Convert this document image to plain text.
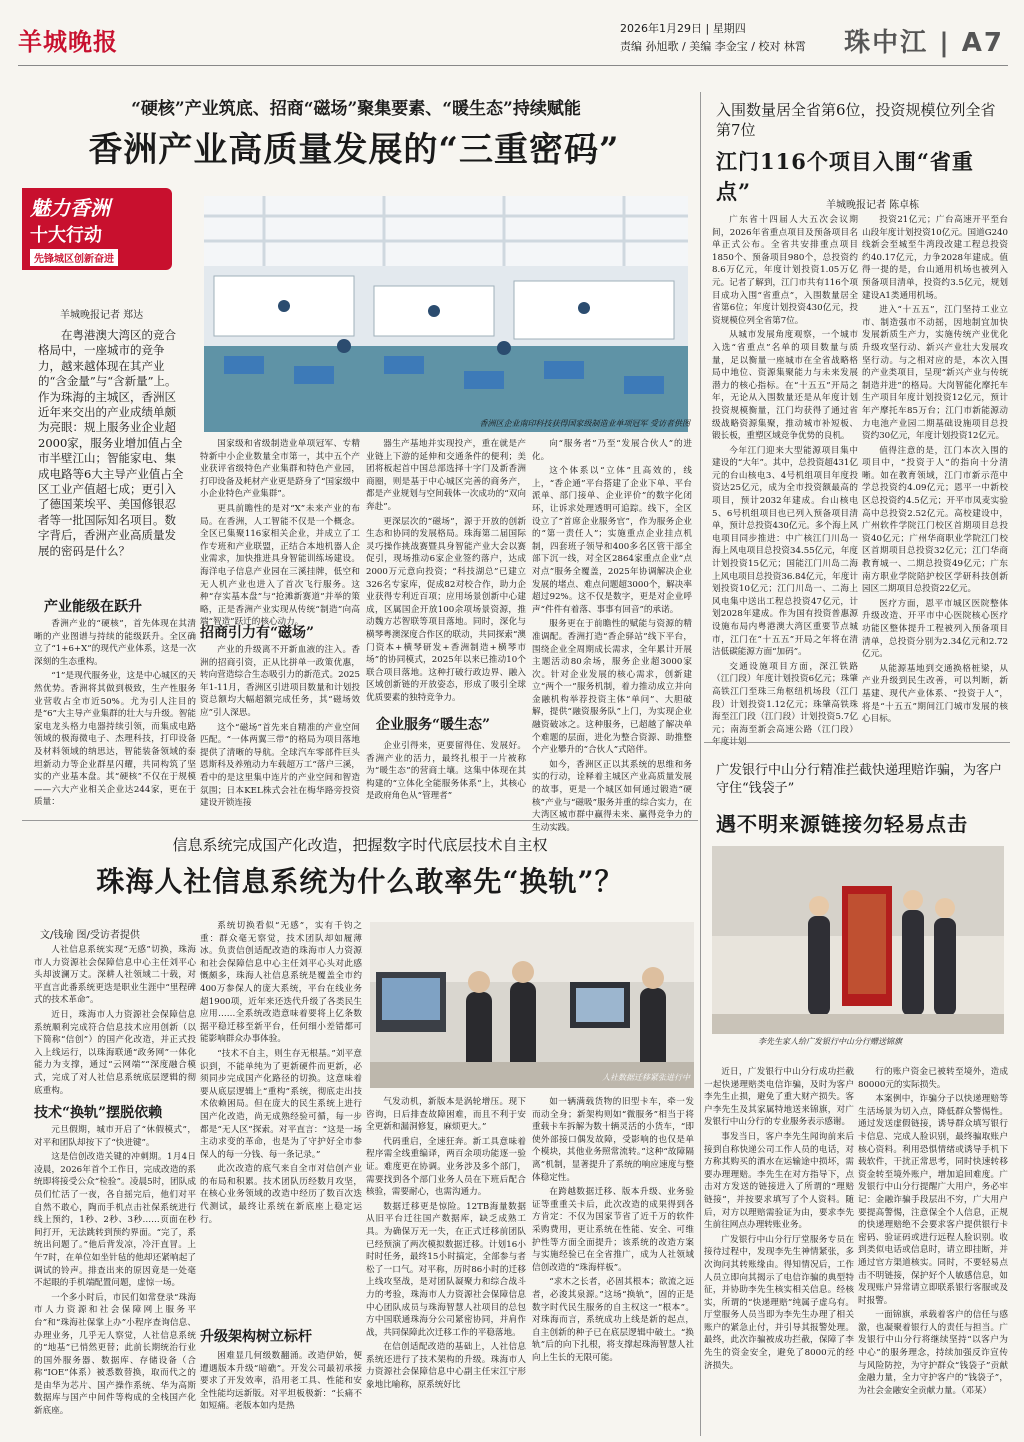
羊城晚报	2026年1月29日 | 星期四
责编 孙旭歌 / 美编 李金宝 / 校对 林霄 珠中江 | A7
“硬核”产业筑底、招商“磁场”聚集要素、“暖生态”持续赋能
香洲产业高质量发展的“三重密码”
魅力香洲
十大行动
先锋城区创新奋进
香洲区企业南印科技获得国家级制造业单项冠军 受访者供图
羊城晚报记者 郑达

在粤港澳大湾区的竞合格局中，一座城市的竞争力，越来越体现在其产业的“含金量”与“含新量”上。作为珠海的主城区，香洲区近年来交出的产业成绩单颇为亮眼：规上服务业企业超2000家，服务业增加值占全市半壁江山；智能家电、集成电路等6大主导产业值占全区工业产值超七成；更引入了德国莱埃平、美国修银忍者等一批国际知名项目。数字背后，香洲产业高质量发展的密码是什么？

产业能级在跃升

香洲产业的“硬核”，首先体现在其清晰的产业图谱与持续的能级跃升。全区确立了“1+6+X”的现代产业体系，这是一次深刻的生态重构。

“1”是现代服务业，这是中心城区的天然优势。香洲将其做到极致，生产性服务业营收占全市近50%。尤为引人注目的是“6”大主导产业集群的壮大与升级。智能家电龙头格力电器持续引领，而集成电路领域的极海微电子、杰理科技，打印设备及材料领域的纳思达，智能装备领域的泰坦新动力等企业群星闪耀，共同构筑了坚实的产业基本盘。其“硬核”不仅在于规模——六大产业相关企业达244家，更在于质量：

国家级和省级制造业单项冠军、专精特新中小企业数量全市第一，其中五个产业获评省级特色产业集群和特色产业园，打印设备及耗材产业更是跻身了“国家级中小企业特色产业集群”。

更具前瞻性的是对“X”未来产业的布局。在香洲，人工智能不仅是一个概念。全区已集聚116家相关企业，并成立了工作专班和产业联盟，正结合本地机器人企业需求，加快推进具身智能训练场建设。海洋电子信息产业园在三溪挂牌，低空和无人机产业也进入了首次飞行服务。这种“存实基本盘”与“抢滩新赛道”并举的策略，正是香洲产业实现从传统“制造”向高端“智造”跃迁的核心动力。

招商引力有“磁场”

产业的升级离不开新血液的注入。香洲的招商引资，正从比拼单一政策优惠，转向营造综合生态吸引力的新范式。2025年1-11月，香洲区引进项目数量和计划投资总额均大幅超额完成任务，其“磁场效应”引人深思。

这个“磁场”首先来自精准的产业空间匹配。“一体两翼三带”的格局为项目落地提供了清晰的导航。全球汽车零部件巨头恩斯科及养殖动力车载超万工“落户三溪，看中的是这里集中连片的产业空间和智造氛围；日本KEL株式会社在梅华路旁投资建设开锁连接

器生产基地并实现投产，重在就是产业链上下游的延伸和交通条件的便利；美团将板起首中国总部选择十字门及新香洲商圈，则是基于中心城区完善的商务产，都是产业规划与空间载体一次成功的“双向奔赴”。

更深层次的“磁场”，源于开放的创新生态和协同的发展格局。珠海第二届国际灵巧操作挑战赛暨具身智能产业大会以赛促引，现场推动6家企业签约落户，达成2000万元意向投资；“科技湖总”已建立326名专家库，促成82对校合作，助力企业获得专利近百项；应用场景创新中心建成，区属国企开放100余项场景资源，推动魏方芯智联等项目落地。同时，深化与横琴粤澳深度合作区的联动，共同探索“澳门资本+横琴研发+香洲制造+横琴市场”的协同模式，2025年以来已推动10个联合项目落地。这种打破行政边界、融入区域创新链的开放姿态，形成了吸引全球优质要素的独特竞争力。

企业服务“暖生态”

企业引得来，更要留得住、发展好。香洲产业的活力，最终扎根于一片被称为“暖生态”的营商土壤。这集中体现在其构建的“立体化全能服务体系”上，其核心是政府角色从“管理者”

向“服务者”乃至“发展合伙人”的进化。

这个体系以“立体”且高效的，线上，“香企通”平台搭建了企业下单、平台派单、部门接单、企业评价”的数字化闭环，让诉求处理透明可追踪。线下，全区设立了“首席企业服务官”，作为服务企业的“第一责任人”；实施重点企业挂点机制，四套班子领导和400多名区管干部全部下沉一线，对全区2864家重点企业“点对点”服务全覆盖，2025年协调解决企业发展的堵点、难点问题超3000个，解决率超过92%。这不仅是数字，更是对企业呼声“件件有着落、事事有回音”的承诺。

服务更在于前瞻性的赋能与资源的精准调配。香洲打造“香企驿站”线下平台，围绕企业全周期成长需求，全年累计开展主题活动80余场，服务企业超3000家次。针对企业发展的核心需求，创新建立“两个一”服务机制，着力推动成立并向金融机构举荐投资主体“单问”、大胆破解，提供“融资服务队”上门，为实现企业融资破冰之。这种服务，已超越了解决单个难题的层面，进化为整合资源、助推整个产业攀升的“合伙人”式陪伴。

如今，香洲区正以其系统的思维和务实的行动，诠释着主城区产业高质量发展的故事，更是一个城区如何通过锻造“硬核”产业与“磁吸”服务并重的综合实力，在大湾区城市群中赢得未来、赢得竞争力的生动实践。

入围数量居全省第6位，投资规模位列全省第7位
江门116个项目入围“省重点”
羊城晚报记者 陈卓栋

广东省十四届人大五次会议期间，2026年省重点项目及预备项目名单正式公布。全省共安排重点项目1850个、预备项目980个，总投资约8.6万亿元，年度计划投资1.05万亿元。记者了解到，江门市共有116个项目成功入围“省重点”，入围数量居全省第6位；年度计划投资430亿元，投资规模位列全省第7位。

从城市发展角度观察，一个城市入选“省重点”名单的项目数量与质量，足以衡量一座城市在全省战略格局中地位、资源集聚能力与未来发展潜力的核心指标。在“十五五”开局之年，无论从入围数量还是从年度计划投资规模衡量，江门均获得了通过省级战略资源集聚，推动城市补短板、锻长板，重塑区域竞争优势的良机。

今年江门迎来大型能源项目集中建设的“大年”。其中，总投资超431亿元的台山核电3、4号机组项目年度投资达25亿元，成为全市投资额最高的项目，预计2032年建成。台山核电5、6号机组项目也已列入预备项目清单，预计总投资430亿元。多个海上风电项目同步推进：中广核江门川岛一海上风电项目总投资34.55亿元，年度计划投资15亿元；国能江门川岛二海上风电项目总投资36.84亿元，年度计划投资10亿元；江门川岛一、二海上风电集中送出工程总投资47亿元，计划2028年建成。作为国有投资普惠源设施布局内粤港澳大湾区重要节点城市，江门在“十五五”开局之年将在清洁低碳能源方面“加码”。

交通设施项目方面，深江铁路（江门段）年度计划投资6亿元；珠肇高铁江门至珠三角枢纽机场段（江门段）计划投资1.12亿元；珠肇高铁珠海至江门段（江门段）计划投资5.7亿元；南海至新会高速公路（江门段）

投资21亿元；广台高速开平至台山段年度计划投资10亿元。国道G240线新会至城至牛湾段改建工程总投资约40.17亿元，力争2028年建成。值得一提的是，台山通用机场也被列入预备项目清单，投资约3.5亿元，规划建设A1类通用机场。

进入“十五五”，江门坚持工业立市、制造强市不动摇，因地制宜加快发展新质生产力，实施传统产业优化升级攻坚行动、新兴产业壮大发展攻坚行动。与之相对应的是，本次入围的产业类项目，呈现“新兴产业与传统制造并进”的格局。大岗智能化摩托车生产项目年度计划投资12亿元，预计年产摩托车85万台；江门市新能源动力电池产业园二期基础设施项目总投资约30亿元，年度计划投资12亿元。

值得注意的是，江门本次入围的项目中，“投资于人”的指向十分清晰。如在教育领域，江门市新示范中学总投资约4.09亿元；恩平一中新校区总投资约4.5亿元；开平市凤麦实验高中总投资2.52亿元。高校建设中，广州软件学院江门校区首期项目总投资40亿元；广州华商职业学院江门校区首期项目总投资32亿元；江门华商教育城一、二期总投资49亿元；广东南方职业学院陪护校区学研科技创新园区二期项目总投资22亿元。

医疗方面，恩平市城区医院整体升级改造、开平市中心医院核心医疗功能区整体提升工程被列入预备项目清单，总投资分别为2.34亿元和2.72亿元。

从能源基地到交通换格桩梁，从产业升级到民生改善，可以判断，新基建、现代产业体系、“投资于人”，将是“十五五”期间江门城市发展的核心目标。

广发银行中山分行精准拦截快递理赔诈骗，为客户守住“钱袋子”
遇不明来源链接勿轻易点击
李先生家人给广发银行中山分行赠送锦旗

近日，广发银行中山分行成功拦截一起快递理赔类电信诈骗，及时为客户李先生止损，避免了重大财产损失。客户李先生及其家属特地送来锦旗，对广发银行中山分行的专业服务表示感谢。

事发当日，客户李先生闻询前来后接到自称快递公司工作人员的电话，对方称其购买的酒水在运输途中损坏，需要办理理赔。李先生在对方指导下，点击对方发送的链接进入了所谓的“理赔链接”，并按要求填写了个人资料。随后，对方以理赔需验证为由，要求李先生前往网点办理转账业务。

广发银行中山分行厅堂服务专员在接待过程中，发现李先生神情紧张，多次询问其转账缘由。得知情况后，工作人员立即向其揭示了电信诈骗的典型特征，并协助李先生核实相关信息。经核实，所谓的“快递理赔”纯属子虚乌有。厅堂服务人员当即为李先生办理了相关账户的紧急止付，并引导其报警处理。最终，此次诈骗被成功拦截，保障了李先生的资金安全，避免了8000元的经济损失。

行的账户资金已被转至境外，造成80000元的实际损失。

本案例中，诈骗分子以快递理赔等生活场景为切入点，降低群众警惕性。通过发送虚假链接，诱导群众填写银行卡信息、完成人脸识别，最终骗取账户核心资料。利用恐惧情绪或诱导手机下载软件，干扰正常思考，同时快速转移资金转至境外账户，增加追回难度。广发银行中山分行提醒广大用户，务必牢记：金融诈骗手段层出不穷，广大用户要提高警惕，注意保全个人信息，正规的快递理赔绝不会要求客户提供银行卡密码、验证码或进行远程人脸识别。收到类似电话或信息时，请立即挂断，并通过官方渠道核实。同时，不要轻易点击不明链接，保护好个人敏感信息，如发现账户异常请立即联系银行客服或及时报警。

一面锦旗，承载着客户的信任与感激，也凝聚着银行人的责任与担当。广发银行中山分行将继续坚持“以客户为中心”的服务理念，持续加强反诈宣传与风险防控，为守护群众“钱袋子”贡献金融力量，全力守护客户的“钱袋子”，为社会金融安全贡献力量。（邓某）

信息系统完成国产化改造，把握数字时代底层技术自主权
珠海人社信息系统为什么敢率先“换轨”？
文/钱瑜 图/受访者提供

人社信息系统实现“无感”切换，珠海市人力资源社会保障信息中心主任刘平心头却波澜万丈。深耕人社领域二十载，对平直言此番系统更迭是职业生涯中“里程碑式的技术革命”。

近日，珠海市人力资源社会保障信息系统顺利完成符合信息技术应用创新（以下简称“信创”）的国产化改造，并正式投入上线运行，以珠海联通“政务网”一体化能力为支撑，通过“云网端”“深度融合模式，完成了对人社信息系统底层逻辑的彻底重构。

技术“换轨”摆脱依赖

元旦假期，城市开启了“休假模式”，对平和团队却按下了“快进键”。

这是信创改造关键的冲刺期。1月4日凌晨，2026年首个工作日，完成改造的系统即将接受公众“检验”。凌晨5时，团队成员们忙活了一夜，各自摇完后，他们对平自然不敢心，陶而手机点击社保系统进行线上预约，1秒、2秒、3秒……页面在秒间打开，无法跳转到预约界面。“完了，系统出问题了。”他后背发凉，冷汗直冒。上午7时，在单位如坐针毡的他却还紧响起了调试的铃声。排查出来的原因竟是一处毫不起眼的手机端配置问题，虚惊一场。

一个多小时后，市民们如常登录“珠海市人力资源和社会保障网上服务平台”和“珠海社保掌上办”小程序查询信息、办理业务，几乎无人察觉，人社信息系统的“地基”已悄然更替；此前长期统治行业的国外服务器、数据库、存储设备（合称“IOE”体系）被悉数替换，取而代之的是由华为芯片、国产操作系统、华为高斯数据库与国产中间件等构成的全栈国产化新底座。

系统切换看似“无感”，实有千钧之重：群众毫无察觉，技术团队却如履薄冰。负责信创适配改造的珠海市人力资源和社会保障信息中心主任刘平心头对此感慨颇多，珠海人社信息系统是覆盖全市约400万参保人的庞大系统，平台在线业务超1900项，近年来还迭代升级了各类民生应用……全系统改造意味着要将上亿条数据平稳迁移至新平台，任何细小差错都可能影响群众办事体验。

“技术不自主，则生存无根基。”刘平意识到，不能单纯为了更新硬件而更新，必须同步完成国产化路径的切换。这意味着要从底层逻辑上“重构”系统，彻底走出技术依赖困局。但在庞大的民生系统上进行国产化改造，尚无成熟经验可循，每一步都是“无人区”探索。对平直言：“这是一场主动求变的革命，也是为了守护好全市参保人的每一分钱、每一条记录。”

此次改造的底气来自全市对信创产业的布局和积累。技术团队历经数月攻坚，在核心业务领域的改造中经历了数百次迭代测试，最终让系统在新底座上稳定运行。

升级架构树立标杆

困难显几何级数翻涌。改造伊始，便遭遇版本升级“暗礁”。开发公司最初承接要求了开发效率，沿用老工具、性能和安全性能均远新版。对平坦板极新：“长痛不如短痛。老版本如内是热

人社数据迁移紧张进行中

气发动机，新版本是涡轮增压。现下咨询，日后排查故障困难，而且不利于安全更新和漏洞修复，麻烦更大。”

代码重启，全速狂奔。新工具意味着程序需全线重编译，两百余项功能逐一验证。难度更在协调。业务涉及多个部门，需要找到各个部门业务人员在下班后配合核验，需要耐心，也需沟通力。

数据迁移更是惊险。12TB海量数据从旧平台迁往国产数据库，缺乏成熟工具。为确保万无一失，在正式迁移前团队已经预演了两次模拟数据迁移。计划16小时时任务，最终15小时搞定，全部参与者松了一口气。对平称，历时86小时的迁移上线攻坚战，是对团队凝聚力和综合战斗力的考验，珠海市人力资源社会保障信息中心团队成员与珠海智慧人社项目的总包方中国联通珠海分公司紧密协同，并肩作战，共同保障此次迁移工作的平稳落地。

在信创适配改造的基础上，人社信息系统还进行了技术架构的升级。珠海市人力资源社会保障信息中心副主任宋江宁形象地比喻称，原系统好比

如一辆满载货物的旧型卡车，牵一发而动全身；新架构则如“微服务”相当于将重载卡车拆解为数十辆灵活的小货车，“即使外部接口偶发故障，受影响的也仅是单个模块，其他业务照常流转。”这种“故障隔离”机制，显著提升了系统的响应速度与整体稳定性。

在跨越数据迁移、版本升级、业务验证等重重关卡后，此次改造的成果得到各方肯定：不仅为国家节省了近千万的软件采购费用，更让系统在性能、安全、可维护性等方面全面提升；该系统的改造方案与实施经验已在全省推广，成为人社领域信创改造的“珠海样板”。

“求木之长者，必固其根本；欲流之远者，必浚其泉源。”这场“换轨”，固的正是数字时代民生服务的自主权这一“根本”。对珠海而言，系统成功上线是新的起点，自主创新的种子已在底层逻辑中破土。“换轨”后的向下扎根，将支撑起珠海智慧人社向上生长的无限可能。
